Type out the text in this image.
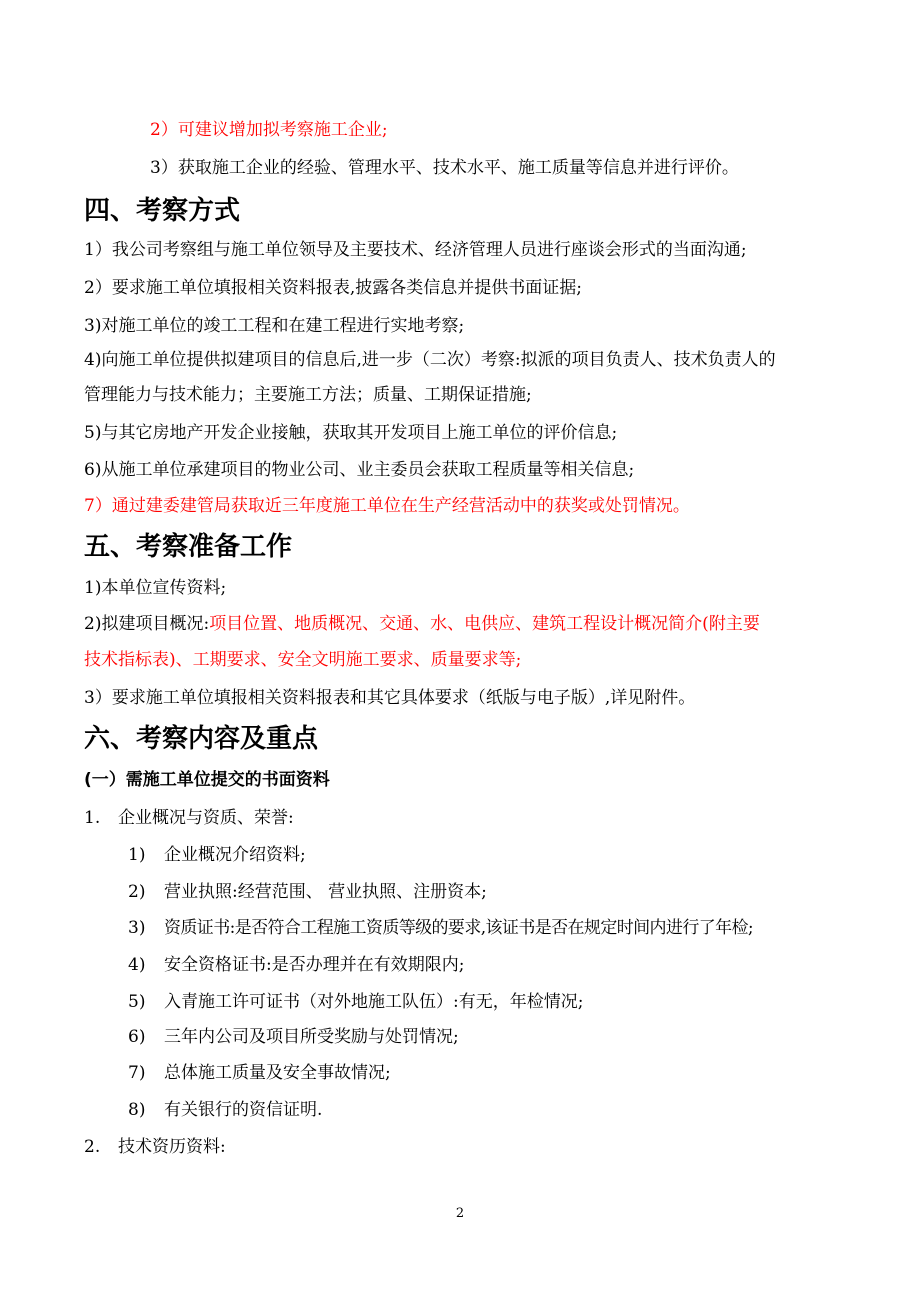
2）可建议增加拟考察施工企业;
3）获取施工企业的经验、管理水平、技术水平、施工质量等信息并进行评价。
四、考察方式
1）我公司考察组与施工单位领导及主要技术、经济管理人员进行座谈会形式的当面沟通;
2）要求施工单位填报相关资料报表,披露各类信息并提供书面证据;
3)对施工单位的竣工工程和在建工程进行实地考察;
4)向施工单位提供拟建项目的信息后,进一步（二次）考察:拟派的项目负责人、技术负责人的
管理能力与技术能力；主要施工方法；质量、工期保证措施;
5)与其它房地产开发企业接触，获取其开发项目上施工单位的评价信息;
6)从施工单位承建项目的物业公司、业主委员会获取工程质量等相关信息;
7）通过建委建管局获取近三年度施工单位在生产经营活动中的获奖或处罚情况。
五、考察准备工作
1)本单位宣传资料;
2)拟建项目概况:项目位置、地质概况、交通、水、电供应、建筑工程设计概况简介(附主要
技术指标表)、工期要求、安全文明施工要求、质量要求等;
3）要求施工单位填报相关资料报表和其它具体要求（纸版与电子版）,详见附件。
六、考察内容及重点
(一）需施工单位提交的书面资料
1. 企业概况与资质、荣誉:
1) 企业概况介绍资料;
2) 营业执照:经营范围、 营业执照、注册资本;
3) 资质证书:是否符合工程施工资质等级的要求,该证书是否在规定时间内进行了年检;
4) 安全资格证书:是否办理并在有效期限内;
5) 入青施工许可证书（对外地施工队伍）:有无，年检情况;
6) 三年内公司及项目所受奖励与处罚情况;
7) 总体施工质量及安全事故情况;
8) 有关银行的资信证明.
2. 技术资历资料:
2
